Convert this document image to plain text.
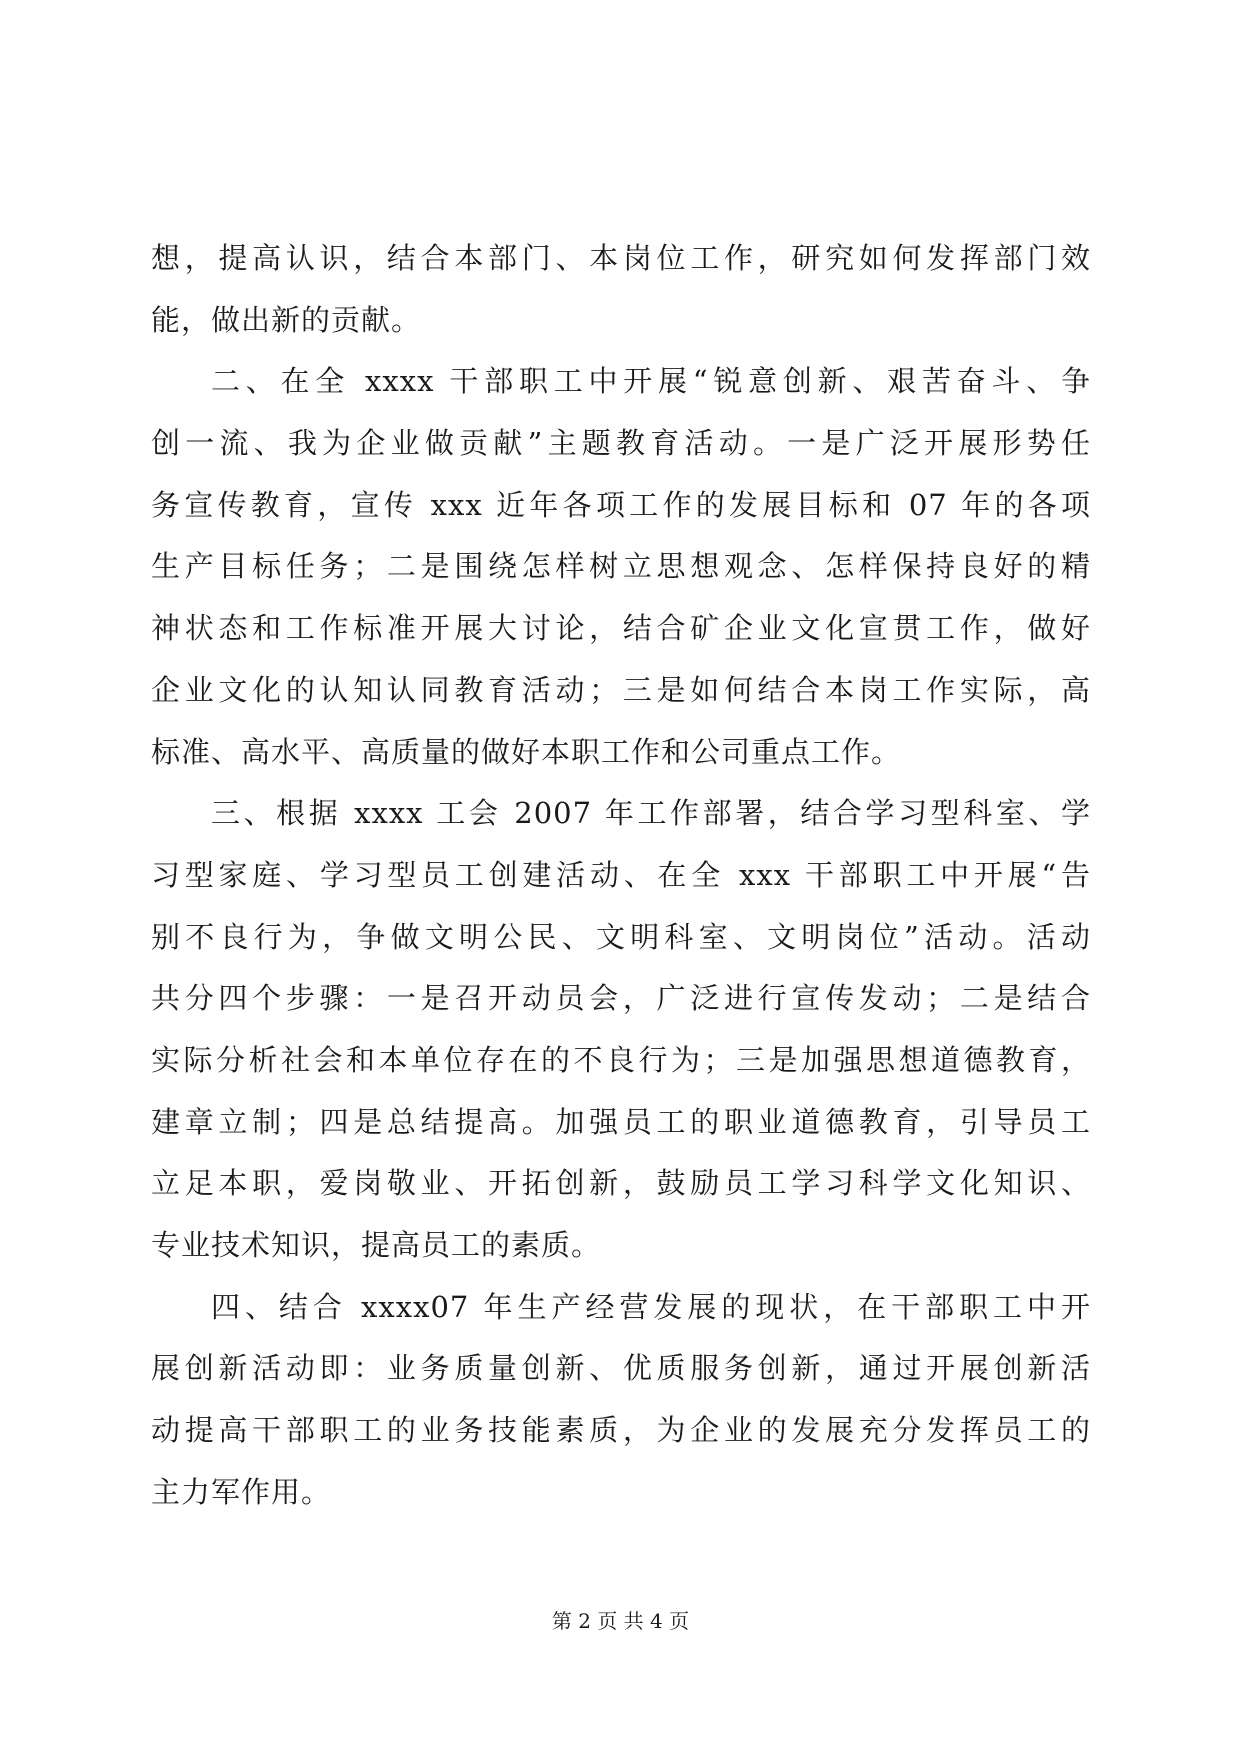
想，提高认识，结合本部门、本岗位工作，研究如何发挥部门效
能，做出新的贡献。
二、在全 xxxx 干部职工中开展“锐意创新、艰苦奋斗、争
创一流、我为企业做贡献”主题教育活动。一是广泛开展形势任
务宣传教育，宣传 xxx 近年各项工作的发展目标和 07 年的各项
生产目标任务；二是围绕怎样树立思想观念、怎样保持良好的精
神状态和工作标准开展大讨论，结合矿企业文化宣贯工作，做好
企业文化的认知认同教育活动；三是如何结合本岗工作实际，高
标准、高水平、高质量的做好本职工作和公司重点工作。
三、根据 xxxx 工会 2007 年工作部署，结合学习型科室、学
习型家庭、学习型员工创建活动、在全 xxx 干部职工中开展“告
别不良行为，争做文明公民、文明科室、文明岗位”活动。活动
共分四个步骤：一是召开动员会，广泛进行宣传发动；二是结合
实际分析社会和本单位存在的不良行为；三是加强思想道德教育，
建章立制；四是总结提高。加强员工的职业道德教育，引导员工
立足本职，爱岗敬业、开拓创新，鼓励员工学习科学文化知识、
专业技术知识，提高员工的素质。
四、结合 xxxx07 年生产经营发展的现状，在干部职工中开
展创新活动即：业务质量创新、优质服务创新，通过开展创新活
动提高干部职工的业务技能素质，为企业的发展充分发挥员工的
主力军作用。
第 2 页 共 4 页
